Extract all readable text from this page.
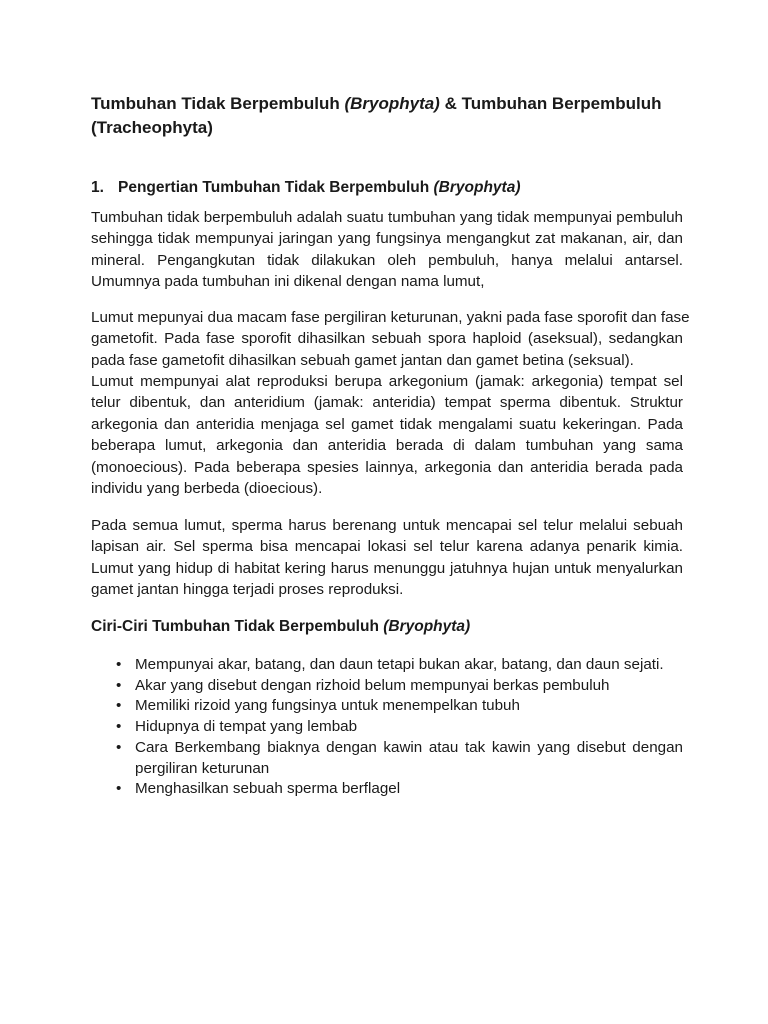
Tumbuhan Tidak Berpembuluh (Bryophyta) & Tumbuhan Berpembuluh
(Tracheophyta)
1. Pengertian Tumbuhan Tidak Berpembuluh (Bryophyta)
Tumbuhan tidak berpembuluh adalah suatu tumbuhan yang tidak mempunyai pembuluh
sehingga tidak mempunyai jaringan yang fungsinya mengangkut zat makanan, air, dan
mineral. Pengangkutan tidak dilakukan oleh pembuluh, hanya melalui antarsel.
Umumnya pada tumbuhan ini dikenal dengan nama lumut,
Lumut mepunyai dua macam fase pergiliran keturunan, yakni pada fase sporofit dan fase
gametofit. Pada fase sporofit dihasilkan sebuah spora haploid (aseksual), sedangkan
pada fase gametofit dihasilkan sebuah gamet jantan dan gamet betina (seksual).
Lumut mempunyai alat reproduksi berupa arkegonium (jamak: arkegonia) tempat sel
telur dibentuk, dan anteridium (jamak: anteridia) tempat sperma dibentuk. Struktur
arkegonia dan anteridia menjaga sel gamet tidak mengalami suatu kekeringan. Pada
beberapa lumut, arkegonia dan anteridia berada di dalam tumbuhan yang sama
(monoecious). Pada beberapa spesies lainnya, arkegonia dan anteridia berada pada
individu yang berbeda (dioecious).
Pada semua lumut, sperma harus berenang untuk mencapai sel telur melalui sebuah
lapisan air. Sel sperma bisa mencapai lokasi sel telur karena adanya penarik kimia.
Lumut yang hidup di habitat kering harus menunggu jatuhnya hujan untuk menyalurkan
gamet jantan hingga terjadi proses reproduksi.
Ciri-Ciri Tumbuhan Tidak Berpembuluh (Bryophyta)
• Mempunyai akar, batang, dan daun tetapi bukan akar, batang, dan daun sejati.
• Akar yang disebut dengan rizhoid belum mempunyai berkas pembuluh
• Memiliki rizoid yang fungsinya untuk menempelkan tubuh
• Hidupnya di tempat yang lembab
• Cara Berkembang biaknya dengan kawin atau tak kawin yang disebut dengan
pergiliran keturunan
• Menghasilkan sebuah sperma berflagel
